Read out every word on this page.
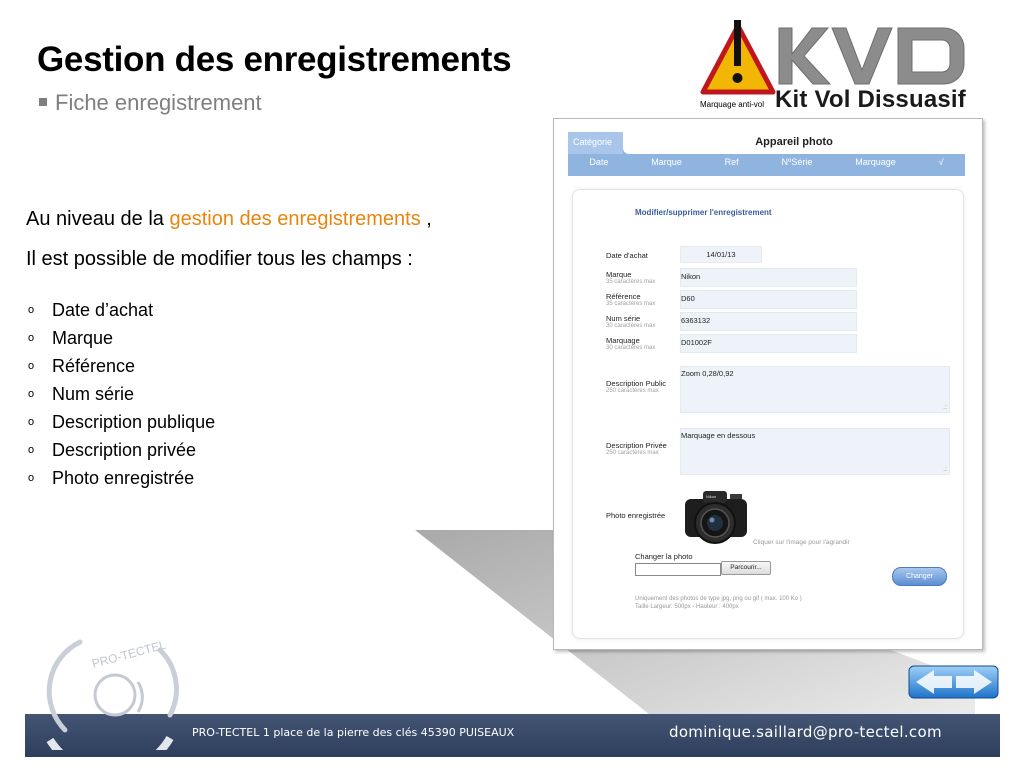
Gestion des enregistrements
Fiche enregistrement	Marquage anti-vol Kit Vol Dissuasif
Au niveau de la gestion des enregistrements ,
Il est possible de modifier tous les champs :
o Date d’achat
o Marque
o Référence
o Num série
o Description publique
o Description privée
o Photo enregistrée
Catégorie	Appareil photo
Date	Marque	Ref	NºSérie	Marquage	√
Modifier/supprimer l'enregistrement
Date d'achat	14/01/13
Marque
35 caractères max
Nikon
Référence
35 caractères max
D60
Num série
30 caractères max
6363132
Marquage
30 caractères max
D01002F
Description Public
250 caractères max
Zoom 0,28/0,92
.:
Description Privée
250 caractères max
Marquage en dessous
.:
Photo enregistrée
Nikon
Cliquer sur l'image pour l'agrandir
Changer la photo
Parcourir...
Changer
Uniquement des photos de type jpg, png ou gif ( max. 100 Ko )
Taille Largeur: 500px - Hauteur : 400px
PRO-TECTEL 1 place de la pierre des clés 45390 PUISEAUX	dominique.saillard@pro-tectel.com
PRO-TECTEL
